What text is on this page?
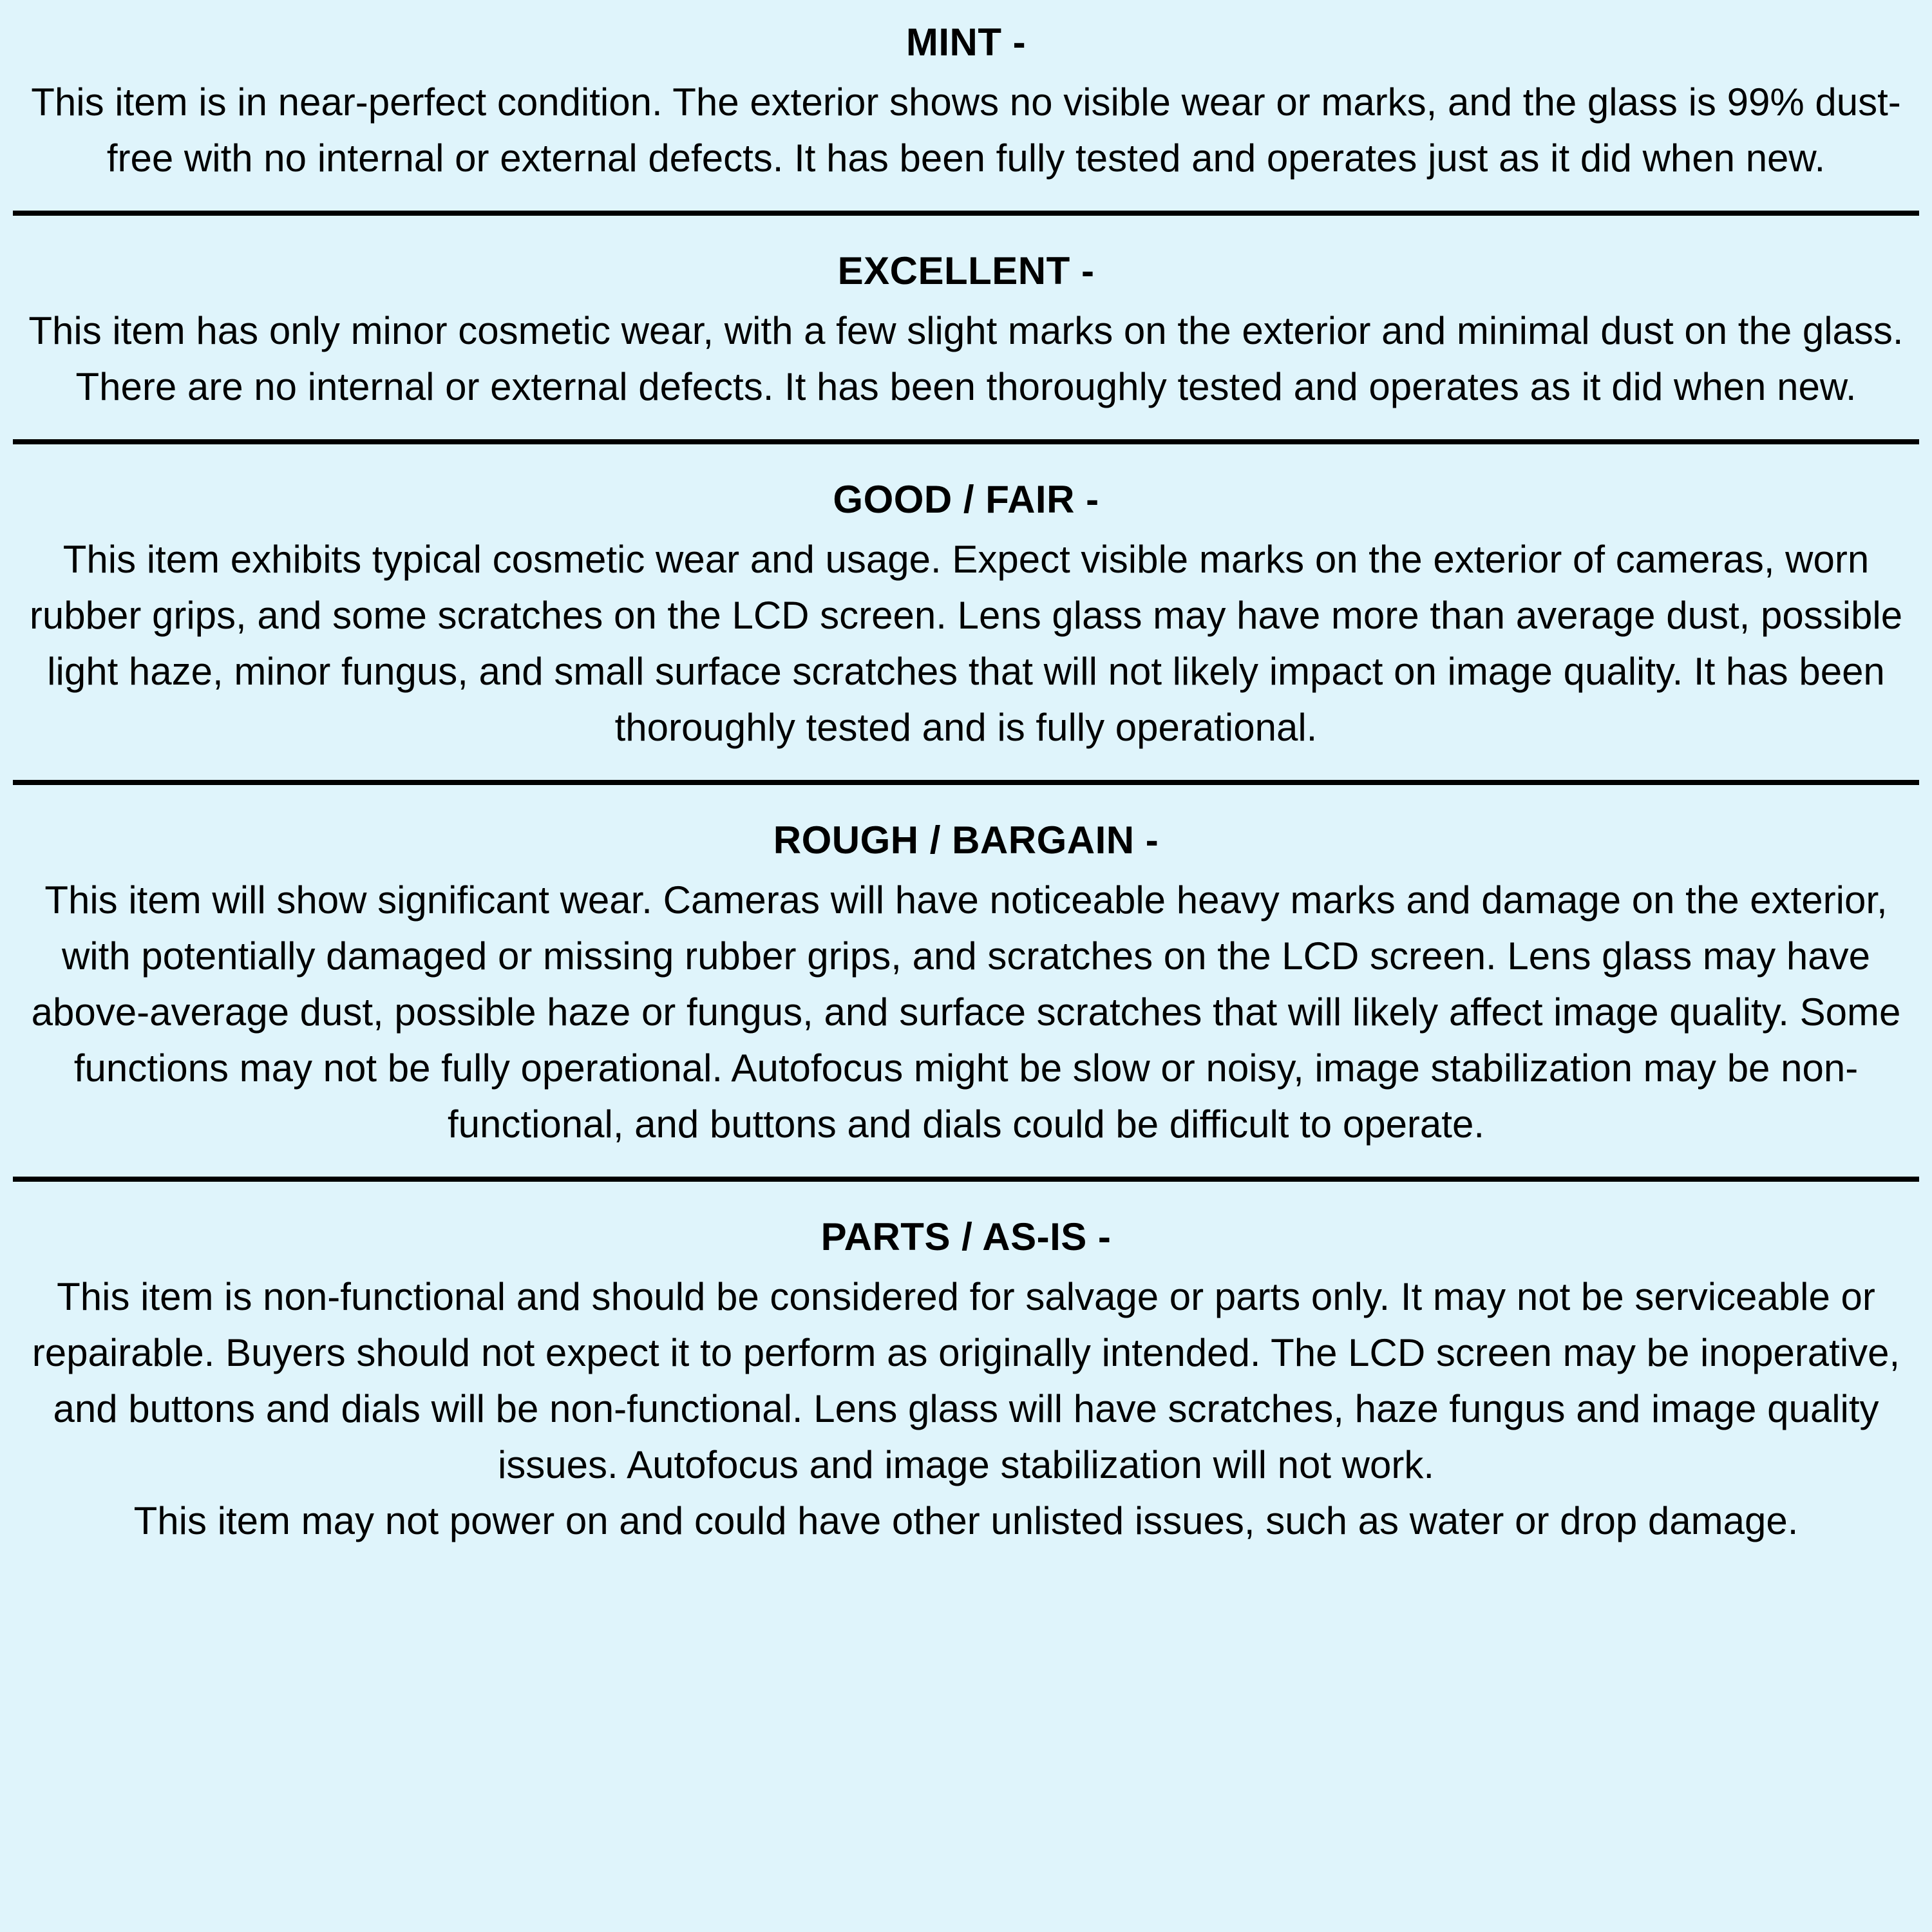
MINT -

This item is in near-perfect condition. The exterior shows no visible wear or marks, and the glass is 99% dust-free with no internal or external defects. It has been fully tested and operates just as it did when new.

EXCELLENT -

This item has only minor cosmetic wear, with a few slight marks on the exterior and minimal dust on the glass. There are no internal or external defects. It has been thoroughly tested and operates as it did when new.

GOOD / FAIR -

This item exhibits typical cosmetic wear and usage. Expect visible marks on the exterior of cameras, worn rubber grips, and some scratches on the LCD screen. Lens glass may have more than average dust, possible light haze, minor fungus, and small surface scratches that will not likely impact on image quality. It has been thoroughly tested and is fully operational.

ROUGH / BARGAIN -

This item will show significant wear. Cameras will have noticeable heavy marks and damage on the exterior, with potentially damaged or missing rubber grips, and scratches on the LCD screen. Lens glass may have above-average dust, possible haze or fungus, and surface scratches that will likely affect image quality. Some functions may not be fully operational. Autofocus might be slow or noisy, image stabilization may be non-functional, and buttons and dials could be difficult to operate.

PARTS / AS-IS -

This item is non-functional and should be considered for salvage or parts only. It may not be serviceable or repairable. Buyers should not expect it to perform as originally intended. The LCD screen may be inoperative, and buttons and dials will be non-functional. Lens glass will have scratches, haze fungus and image quality issues. Autofocus and image stabilization will not work.

This item may not power on and could have other unlisted issues, such as water or drop damage.
